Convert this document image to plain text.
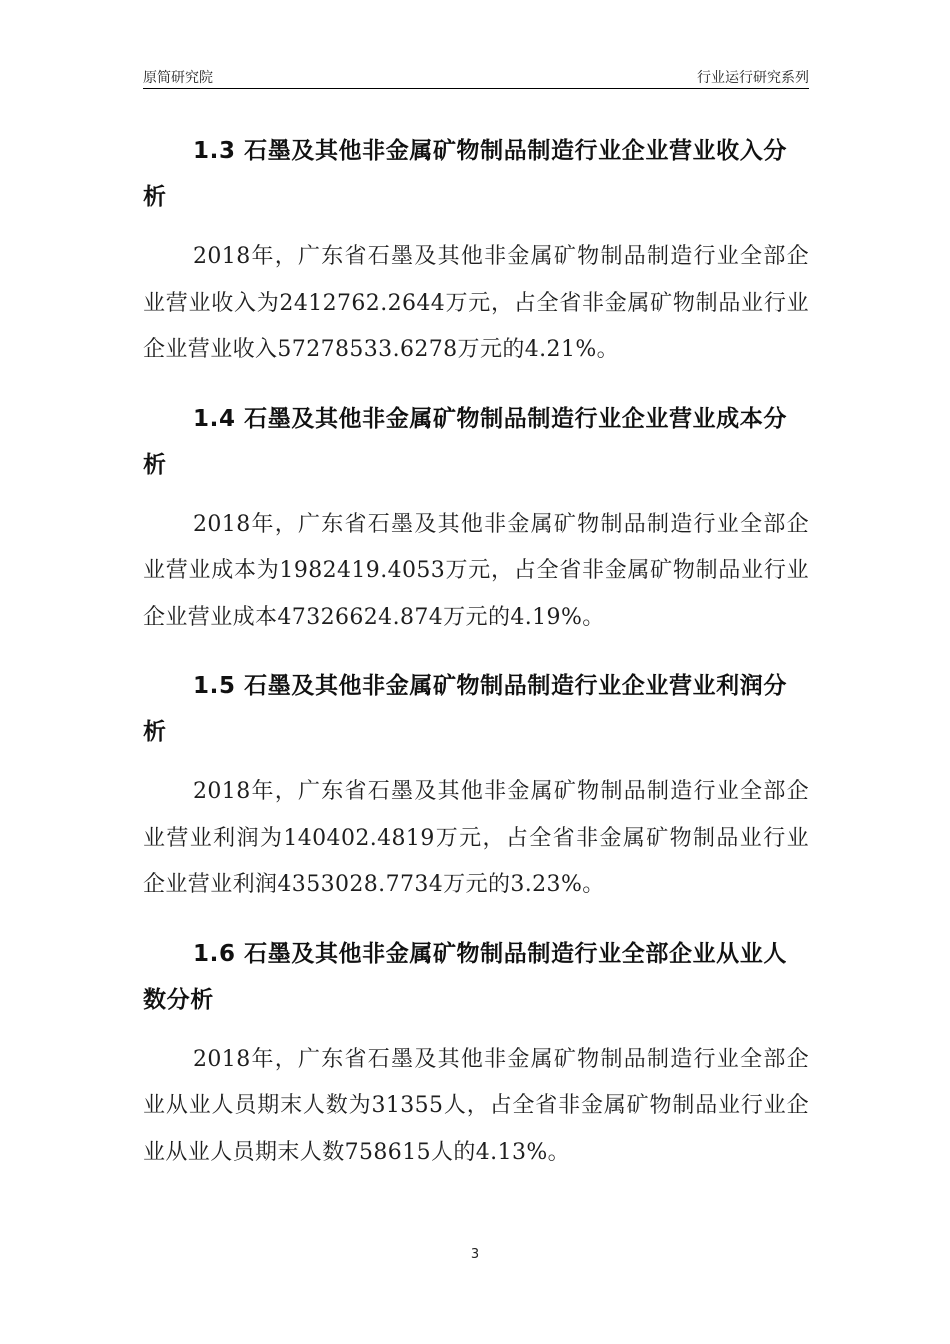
原简研究院	行业运行研究系列
1.3 石墨及其他非金属矿物制品制造行业企业营业收入分析

2018年，广东省石墨及其他非金属矿物制品制造行业全部企业营业收入为2412762.2644万元，占全省非金属矿物制品业行业企业营业收入57278533.6278万元的4.21%。

1.4 石墨及其他非金属矿物制品制造行业企业营业成本分析

2018年，广东省石墨及其他非金属矿物制品制造行业全部企业营业成本为1982419.4053万元，占全省非金属矿物制品业行业企业营业成本47326624.874万元的4.19%。

1.5 石墨及其他非金属矿物制品制造行业企业营业利润分析

2018年，广东省石墨及其他非金属矿物制品制造行业全部企业营业利润为140402.4819万元，占全省非金属矿物制品业行业企业营业利润4353028.7734万元的3.23%。

1.6 石墨及其他非金属矿物制品制造行业全部企业从业人数分析

2018年，广东省石墨及其他非金属矿物制品制造行业全部企业从业人员期末人数为31355人，占全省非金属矿物制品业行业企业从业人员期末人数758615人的4.13%。

3
